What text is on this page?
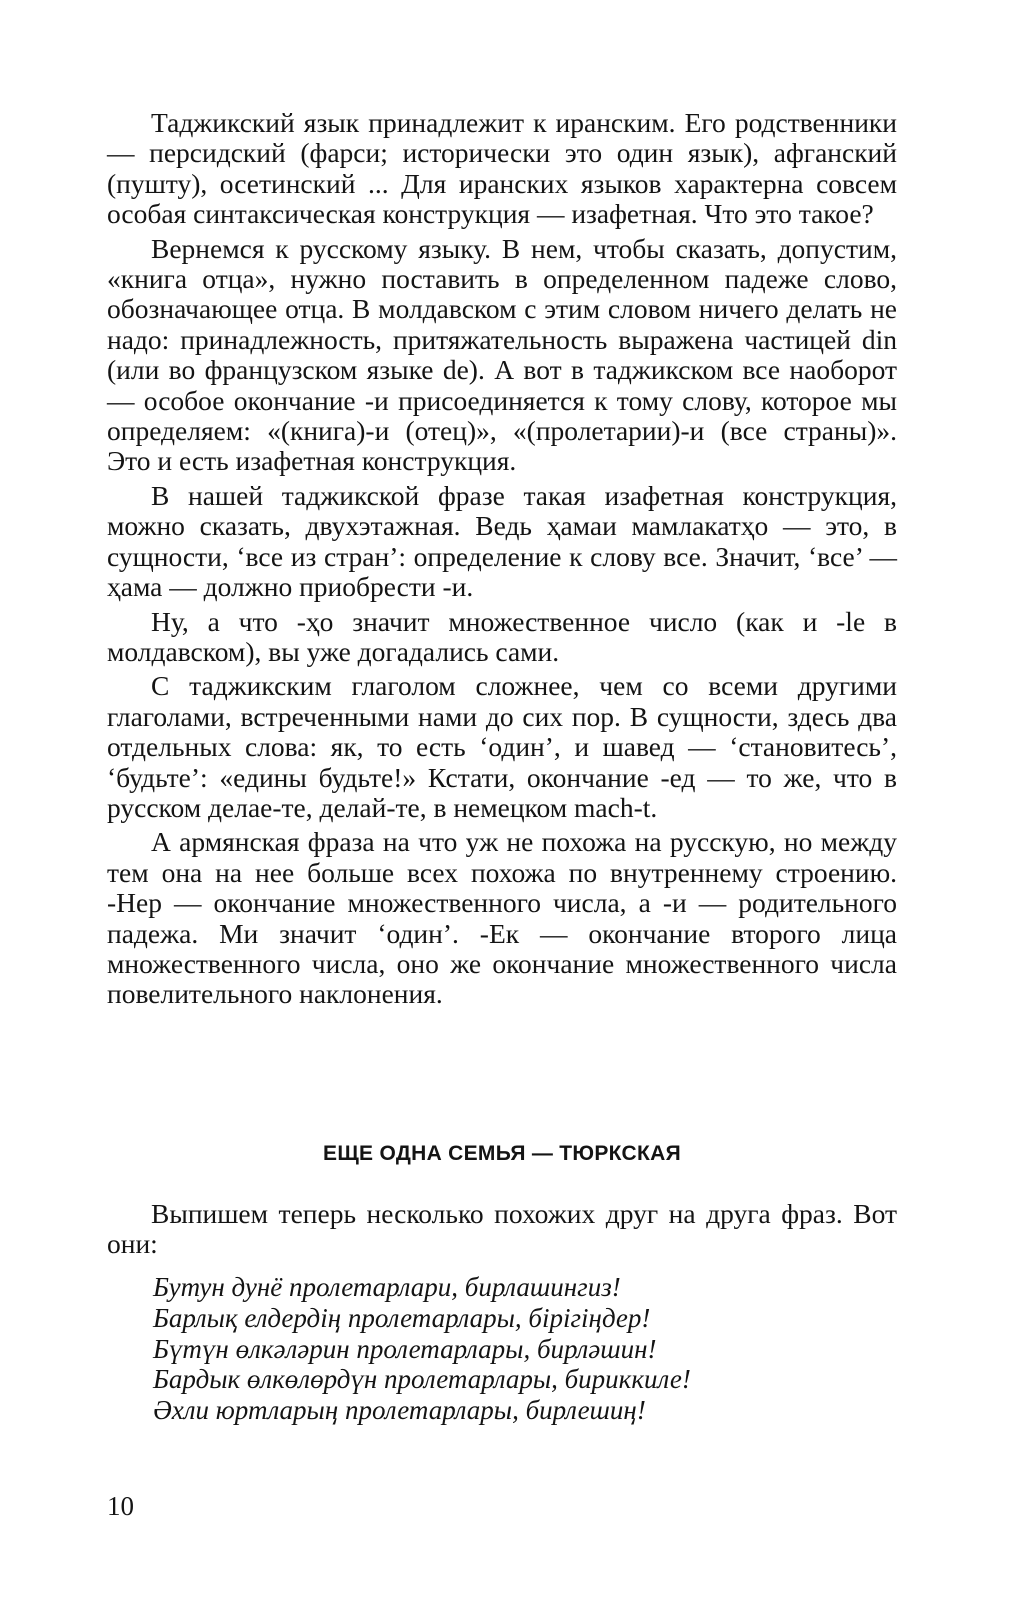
Таджикский язык принадлежит к иранским. Его родственники — персидский (фарси; исторически это один язык), афганский (пушту), осетинский ... Для иранских языков характерна совсем особая синтаксическая конструкция — изафетная. Что это такое?

Вернемся к русскому языку. В нем, чтобы сказать, допустим, «книга отца», нужно поставить в определенном падеже слово, обозначающее отца. В молдавском с этим словом ничего делать не надо: принадлежность, притяжательность выражена частицей din (или во французском языке de). А вот в таджикском все наоборот — особое окончание -и присоединяется к тому слову, которое мы определяем: «(книга)-и (отец)», «(пролетарии)-и (все страны)». Это и есть изафетная конструкция.

В нашей таджикской фразе такая изафетная конструкция, можно сказать, двухэтажная. Ведь ҳамаи мамлакатҳо — это, в сущности, ‘все из стран’: определение к слову все. Значит, ‘все’ — ҳама — должно приобрести -и.

Ну, а что -ҳо значит множественное число (как и -le в молдавском), вы уже догадались сами.

С таджикским глаголом сложнее, чем со всеми другими глаголами, встреченными нами до сих пор. В сущности, здесь два отдельных слова: як, то есть ‘один’, и шавед — ‘становитесь’, ‘будьте’: «едины будьте!» Кстати, окончание -ед — то же, что в русском делае-те, делай-те, в немецком mach-t.

А армянская фраза на что уж не похожа на русскую, но между тем она на нее больше всех похожа по внутреннему строению. -Нер — окончание множественного числа, а -и — родительного падежа. Ми значит ‘один’. -Ек — окончание второго лица множественного числа, оно же окончание множественного числа повелительного наклонения.

ЕЩЕ ОДНА СЕМЬЯ — ТЮРКСКАЯ

Выпишем теперь несколько похожих друг на друга фраз. Вот они:

Бутун дунё пролетарлари, бирлашингиз!
Барлық елдердің пролетарлары, бірігіңдер!
Бүтүн өлкәләрин пролетарлары, бирләшин!
Бардык өлкөлөрдүн пролетарлары, бириккиле!
Әхли юртларың пролетарлары, бирлешиң!

10
